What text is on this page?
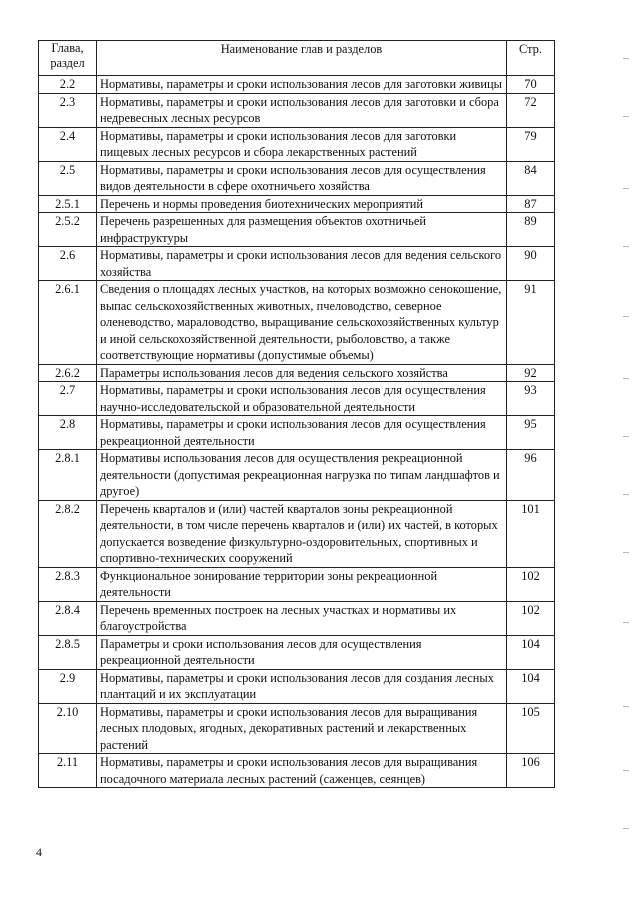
Глава, раздел	Наименование глав и разделов	Стр.
2.2	Нормативы, параметры и сроки использования лесов для заготовки живицы	70
2.3	Нормативы, параметры и сроки использования лесов для заготовки и сбора недревесных лесных ресурсов	72
2.4	Нормативы, параметры и сроки использования лесов для заготовки пищевых лесных ресурсов и сбора лекарственных растений	79
2.5	Нормативы, параметры и сроки использования лесов для осуществления видов деятельности в сфере охотничьего хозяйства	84
2.5.1	Перечень и нормы проведения биотехнических мероприятий	87
2.5.2	Перечень разрешенных для размещения объектов охотничьей инфраструктуры	89
2.6	Нормативы, параметры и сроки использования лесов для ведения сельского хозяйства	90
2.6.1	Сведения о площадях лесных участков, на которых возможно сенокошение, выпас сельскохозяйственных животных, пчеловодство, северное оленеводство, мараловодство, выращивание сельскохозяйственных культур и иной сельскохозяйственной деятельности, рыболовство, а также соответствующие нормативы (допустимые объемы)	91
2.6.2	Параметры использования лесов для ведения сельского хозяйства	92
2.7	Нормативы, параметры и сроки использования лесов для осуществления научно-исследовательской и образовательной деятельности	93
2.8	Нормативы, параметры и сроки использования лесов для осуществления рекреационной деятельности	95
2.8.1	Нормативы использования лесов для осуществления рекреационной деятельности (допустимая рекреационная нагрузка по типам ландшафтов и другое)	96
2.8.2	Перечень кварталов и (или) частей кварталов зоны рекреационной деятельности, в том числе перечень кварталов и (или) их частей, в которых допускается возведение физкультурно-оздоровительных, спортивных и спортивно-технических сооружений	101
2.8.3	Функциональное зонирование территории зоны рекреационной деятельности	102
2.8.4	Перечень временных построек на лесных участках и нормативы их благоустройства	102
2.8.5	Параметры и сроки использования лесов для осуществления рекреационной деятельности	104
2.9	Нормативы, параметры и сроки использования лесов для создания лесных плантаций и их эксплуатации	104
2.10	Нормативы, параметры и сроки использования лесов для выращивания лесных плодовых, ягодных, декоративных растений и лекарственных растений	105
2.11	Нормативы, параметры и сроки использования лесов для выращивания посадочного материала лесных растений (саженцев, сеянцев)	106
4
